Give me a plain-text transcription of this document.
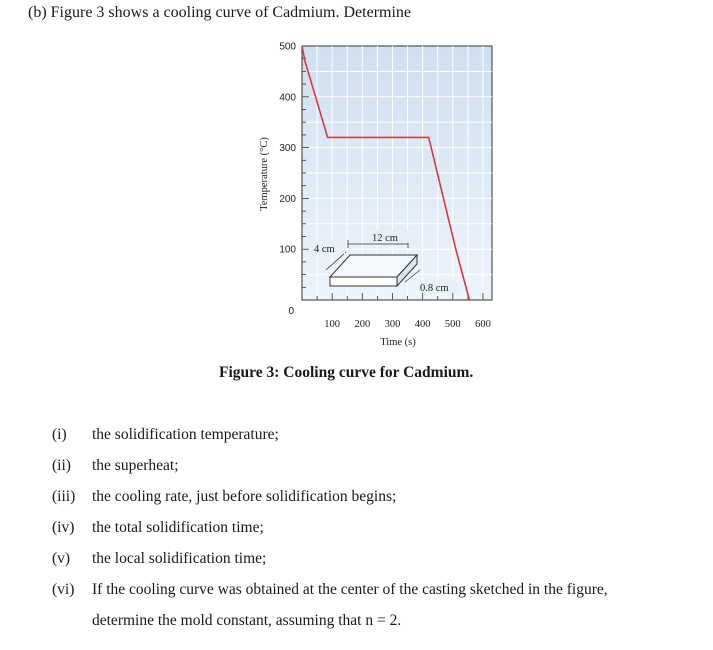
(b) Figure 3 shows a cooling curve of Cadmium. Determine
500
400
300
200
100
0
100 200 300 400 500 600
Temperature (°C)
Time (s)
12 cm
4 cm
0.8 cm
Figure 3: Cooling curve for Cadmium.
(i) the solidification temperature;
(ii) the superheat;
(iii) the cooling rate, just before solidification begins;
(iv) the total solidification time;
(v) the local solidification time;
(vi) If the cooling curve was obtained at the center of the casting sketched in the figure,
determine the mold constant, assuming that n = 2.
